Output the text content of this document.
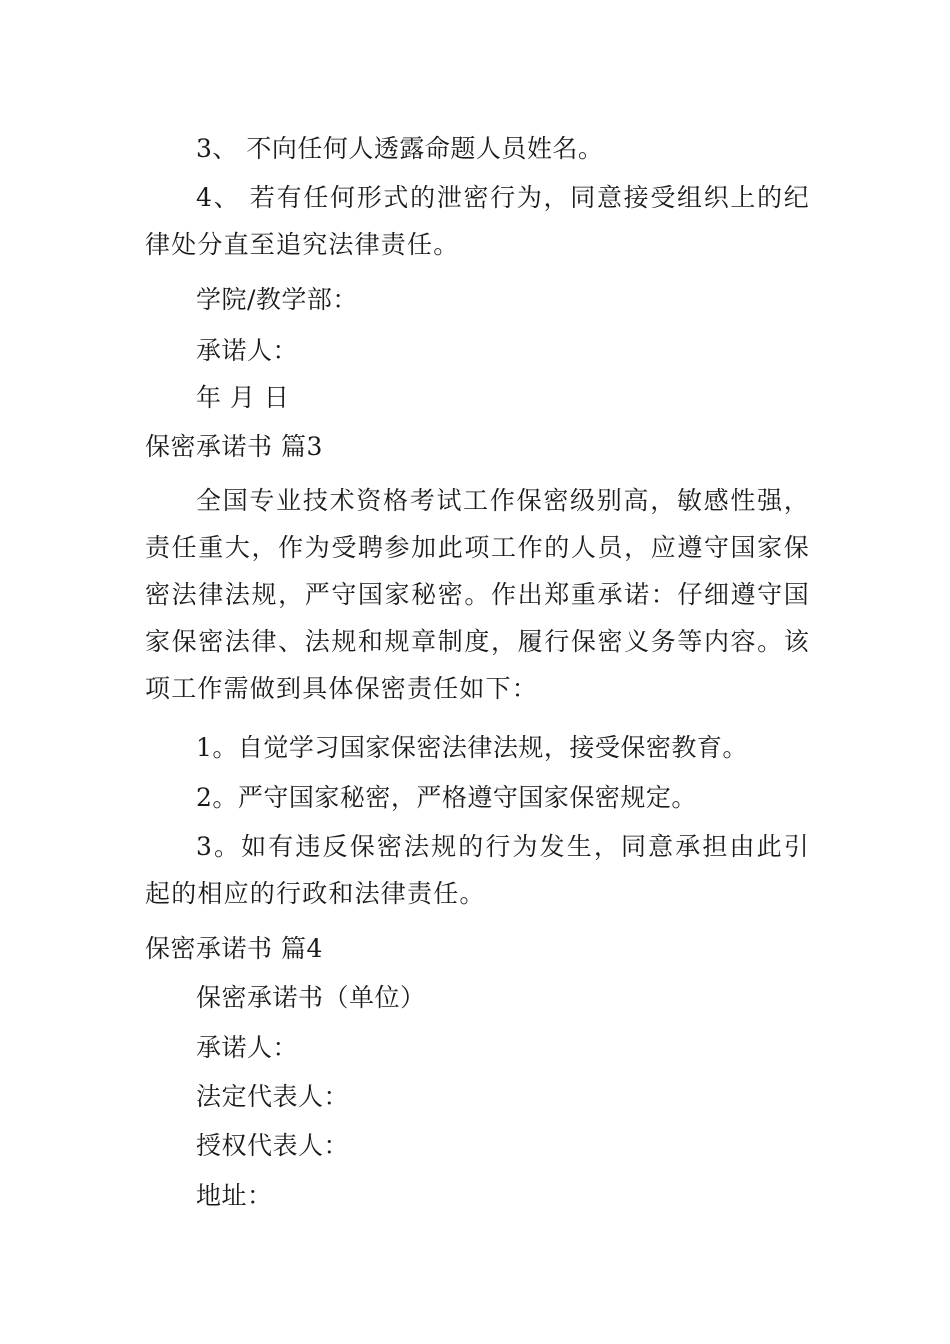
3、 不向任何人透露命题人员姓名。
4、 若有任何形式的泄密行为，同意接受组织上的纪律处分直至追究法律责任。
学院/教学部：
承诺人：
年 月 日
保密承诺书 篇3
全国专业技术资格考试工作保密级别高，敏感性强，责任重大，作为受聘参加此项工作的人员，应遵守国家保密法律法规，严守国家秘密。作出郑重承诺：仔细遵守国家保密法律、法规和规章制度，履行保密义务等内容。该项工作需做到具体保密责任如下：
1。自觉学习国家保密法律法规，接受保密教育。
2。严守国家秘密，严格遵守国家保密规定。
3。如有违反保密法规的行为发生，同意承担由此引起的相应的行政和法律责任。
保密承诺书 篇4
保密承诺书（单位）
承诺人：
法定代表人：
授权代表人：
地址：
